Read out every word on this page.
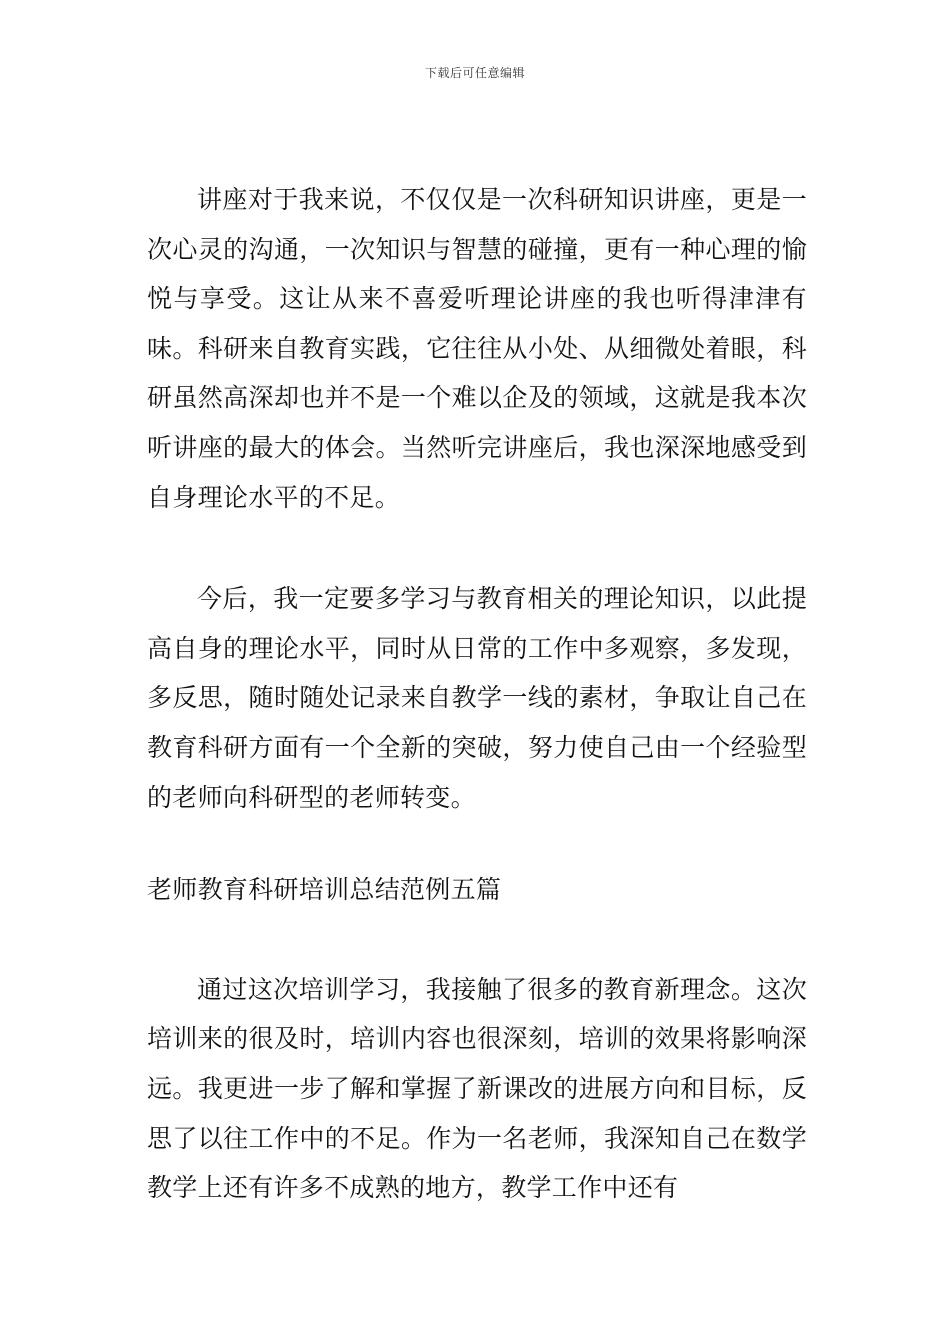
下载后可任意编辑

讲座对于我来说，不仅仅是一次科研知识讲座，更是一次心灵的沟通，一次知识与智慧的碰撞，更有一种心理的愉悦与享受。这让从来不喜爱听理论讲座的我也听得津津有味。科研来自教育实践，它往往从小处、从细微处着眼，科研虽然高深却也并不是一个难以企及的领域，这就是我本次听讲座的最大的体会。当然听完讲座后，我也深深地感受到自身理论水平的不足。

今后，我一定要多学习与教育相关的理论知识，以此提高自身的理论水平，同时从日常的工作中多观察，多发现，多反思，随时随处记录来自教学一线的素材，争取让自己在教育科研方面有一个全新的突破，努力使自己由一个经验型的老师向科研型的老师转变。

老师教育科研培训总结范例五篇

通过这次培训学习，我接触了很多的教育新理念。这次培训来的很及时，培训内容也很深刻，培训的效果将影响深远。我更进一步了解和掌握了新课改的进展方向和目标，反思了以往工作中的不足。作为一名老师，我深知自己在数学教学上还有许多不成熟的地方，教学工作中还有
